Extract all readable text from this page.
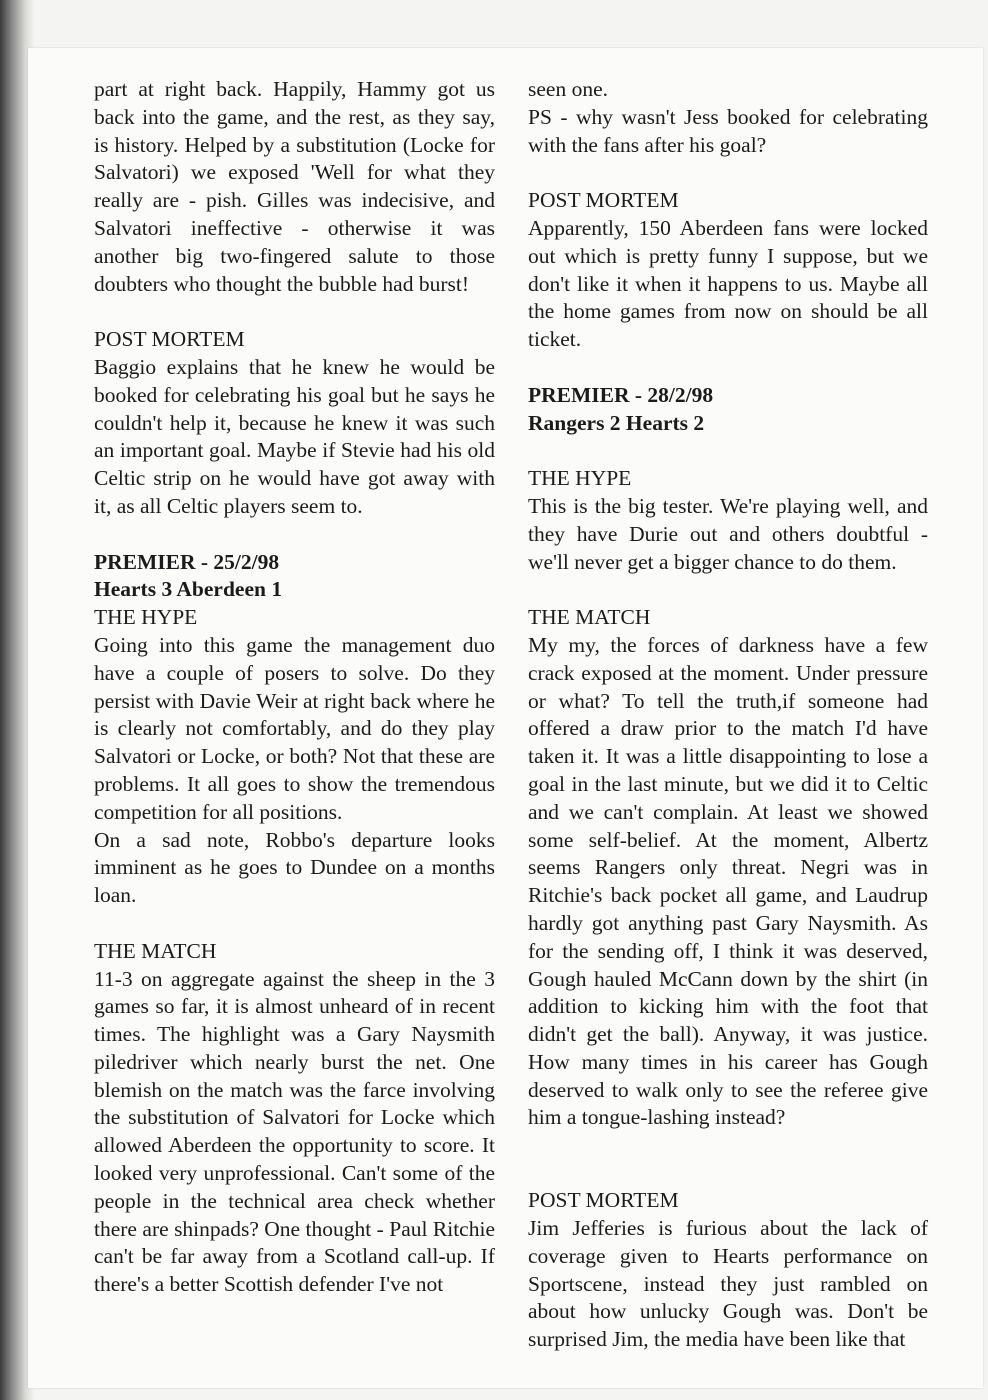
part at right back. Happily, Hammy got us back into the game, and the rest, as they say, is history. Helped by a substitution (Locke for Salvatori) we exposed 'Well for what they really are - pish. Gilles was indecisive, and Salvatori ineffective - otherwise it was another big two-fingered salute to those doubters who thought the bubble had burst!

POST MORTEM

Baggio explains that he knew he would be booked for celebrating his goal but he says he couldn't help it, because he knew it was such an important goal. Maybe if Stevie had his old Celtic strip on he would have got away with it, as all Celtic players seem to.

PREMIER - 25/2/98

Hearts 3 Aberdeen 1

THE HYPE

Going into this game the management duo have a couple of posers to solve. Do they persist with Davie Weir at right back where he is clearly not comfortably, and do they play Salvatori or Locke, or both? Not that these are problems. It all goes to show the tremendous competition for all positions.

On a sad note, Robbo's departure looks imminent as he goes to Dundee on a months loan.

THE MATCH

11-3 on aggregate against the sheep in the 3 games so far, it is almost unheard of in recent times. The highlight was a Gary Naysmith piledriver which nearly burst the net. One blemish on the match was the farce involving the substitution of Salvatori for Locke which allowed Aberdeen the opportunity to score. It looked very unprofessional. Can't some of the people in the technical area check whether there are shinpads? One thought - Paul Ritchie can't be far away from a Scotland call-up. If there's a better Scottish defender I've not

seen one.

PS - why wasn't Jess booked for celebrating with the fans after his goal?

POST MORTEM

Apparently, 150 Aberdeen fans were locked out which is pretty funny I suppose, but we don't like it when it happens to us. Maybe all the home games from now on should be all ticket.

PREMIER - 28/2/98

Rangers 2 Hearts 2

THE HYPE

This is the big tester. We're playing well, and they have Durie out and others doubtful - we'll never get a bigger chance to do them.

THE MATCH

My my, the forces of darkness have a few crack exposed at the moment. Under pressure or what? To tell the truth,if someone had offered a draw prior to the match I'd have taken it. It was a little disappointing to lose a goal in the last minute, but we did it to Celtic and we can't complain. At least we showed some self-belief. At the moment, Albertz seems Rangers only threat. Negri was in Ritchie's back pocket all game, and Laudrup hardly got anything past Gary Naysmith. As for the sending off, I think it was deserved, Gough hauled McCann down by the shirt (in addition to kicking him with the foot that didn't get the ball). Anyway, it was justice. How many times in his career has Gough deserved to walk only to see the referee give him a tongue-lashing instead?

POST MORTEM

Jim Jefferies is furious about the lack of coverage given to Hearts performance on Sportscene, instead they just rambled on about how unlucky Gough was. Don't be surprised Jim, the media have been like that
